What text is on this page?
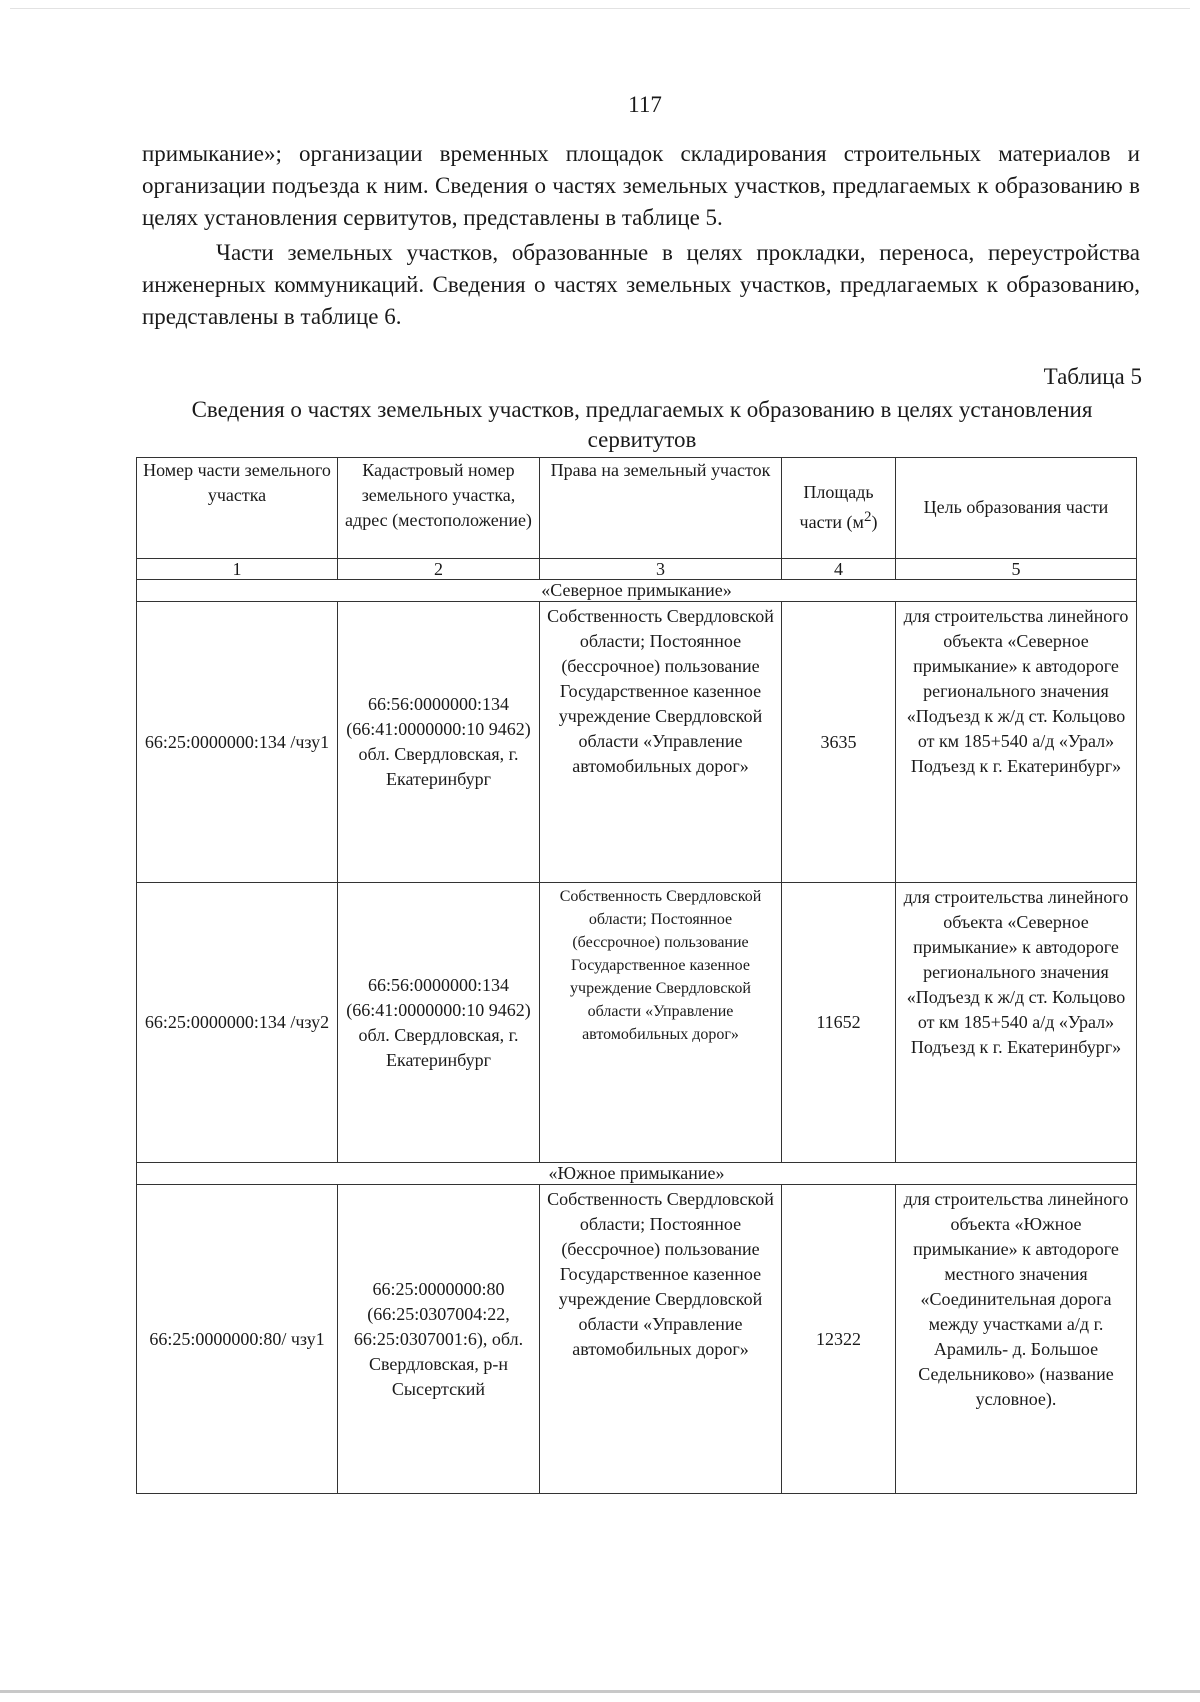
117

примыкание»; организации временных площадок складирования строительных материалов и организации подъезда к ним. Сведения о частях земельных участков, предлагаемых к образованию в целях установления сервитутов, представлены в таблице 5.

Части земельных участков, образованные в целях прокладки, переноса, переустройства инженерных коммуникаций. Сведения о частях земельных участков, предлагаемых к образованию, представлены в таблице 6.

Таблица 5
Сведения о частях земельных участков, предлагаемых к образованию в целях установления сервитутов
Номер части земельного участка	Кадастровый номер земельного участка, адрес (местоположение)	Права на земельный участок	Площадь части $(м^2)$	Цель образования части
1	2	3	4	5
«Северное примыкание»				
66:25:0000000:134 /чзу1	66:56:0000000:134 (66:41:0000000:10 9462) обл. Свердловская, г. Екатеринбург	Собственность Свердловской области; Постоянное (бессрочное) пользование Государственное казенное учреждение Свердловской области «Управление автомобильных дорог»	3635	для строительства линейного объекта «Северное примыкание» к автодороге регионального значения «Подъезд к ж/д ст. Кольцово от км 185+540 а/д «Урал» Подъезд к г. Екатеринбург»
66:25:0000000:134 /чзу2	66:56:0000000:134 (66:41:0000000:10 9462) обл. Свердловская, г. Екатеринбург	Собственность Свердловской области; Постоянное (бессрочное) пользование Государственное казенное учреждение Свердловской области «Управление автомобильных дорог»	11652	для строительства линейного объекта «Северное примыкание» к автодороге регионального значения «Подъезд к ж/д ст. Кольцово от км 185+540 а/д «Урал» Подъезд к г. Екатеринбург»
«Южное примыкание»				
66:25:0000000:80/ чзу1	66:25:0000000:80 (66:25:0307004:22, 66:25:0307001:6), обл. Свердловская, р-н Сысертский	Собственность Свердловской области; Постоянное (бессрочное) пользование Государственное казенное учреждение Свердловской области «Управление автомобильных дорог»	12322	для строительства линейного объекта «Южное примыкание» к автодороге местного значения «Соединительная дорога между участками а/д г. Арамиль- д. Большое Седельниково» (название условное).
